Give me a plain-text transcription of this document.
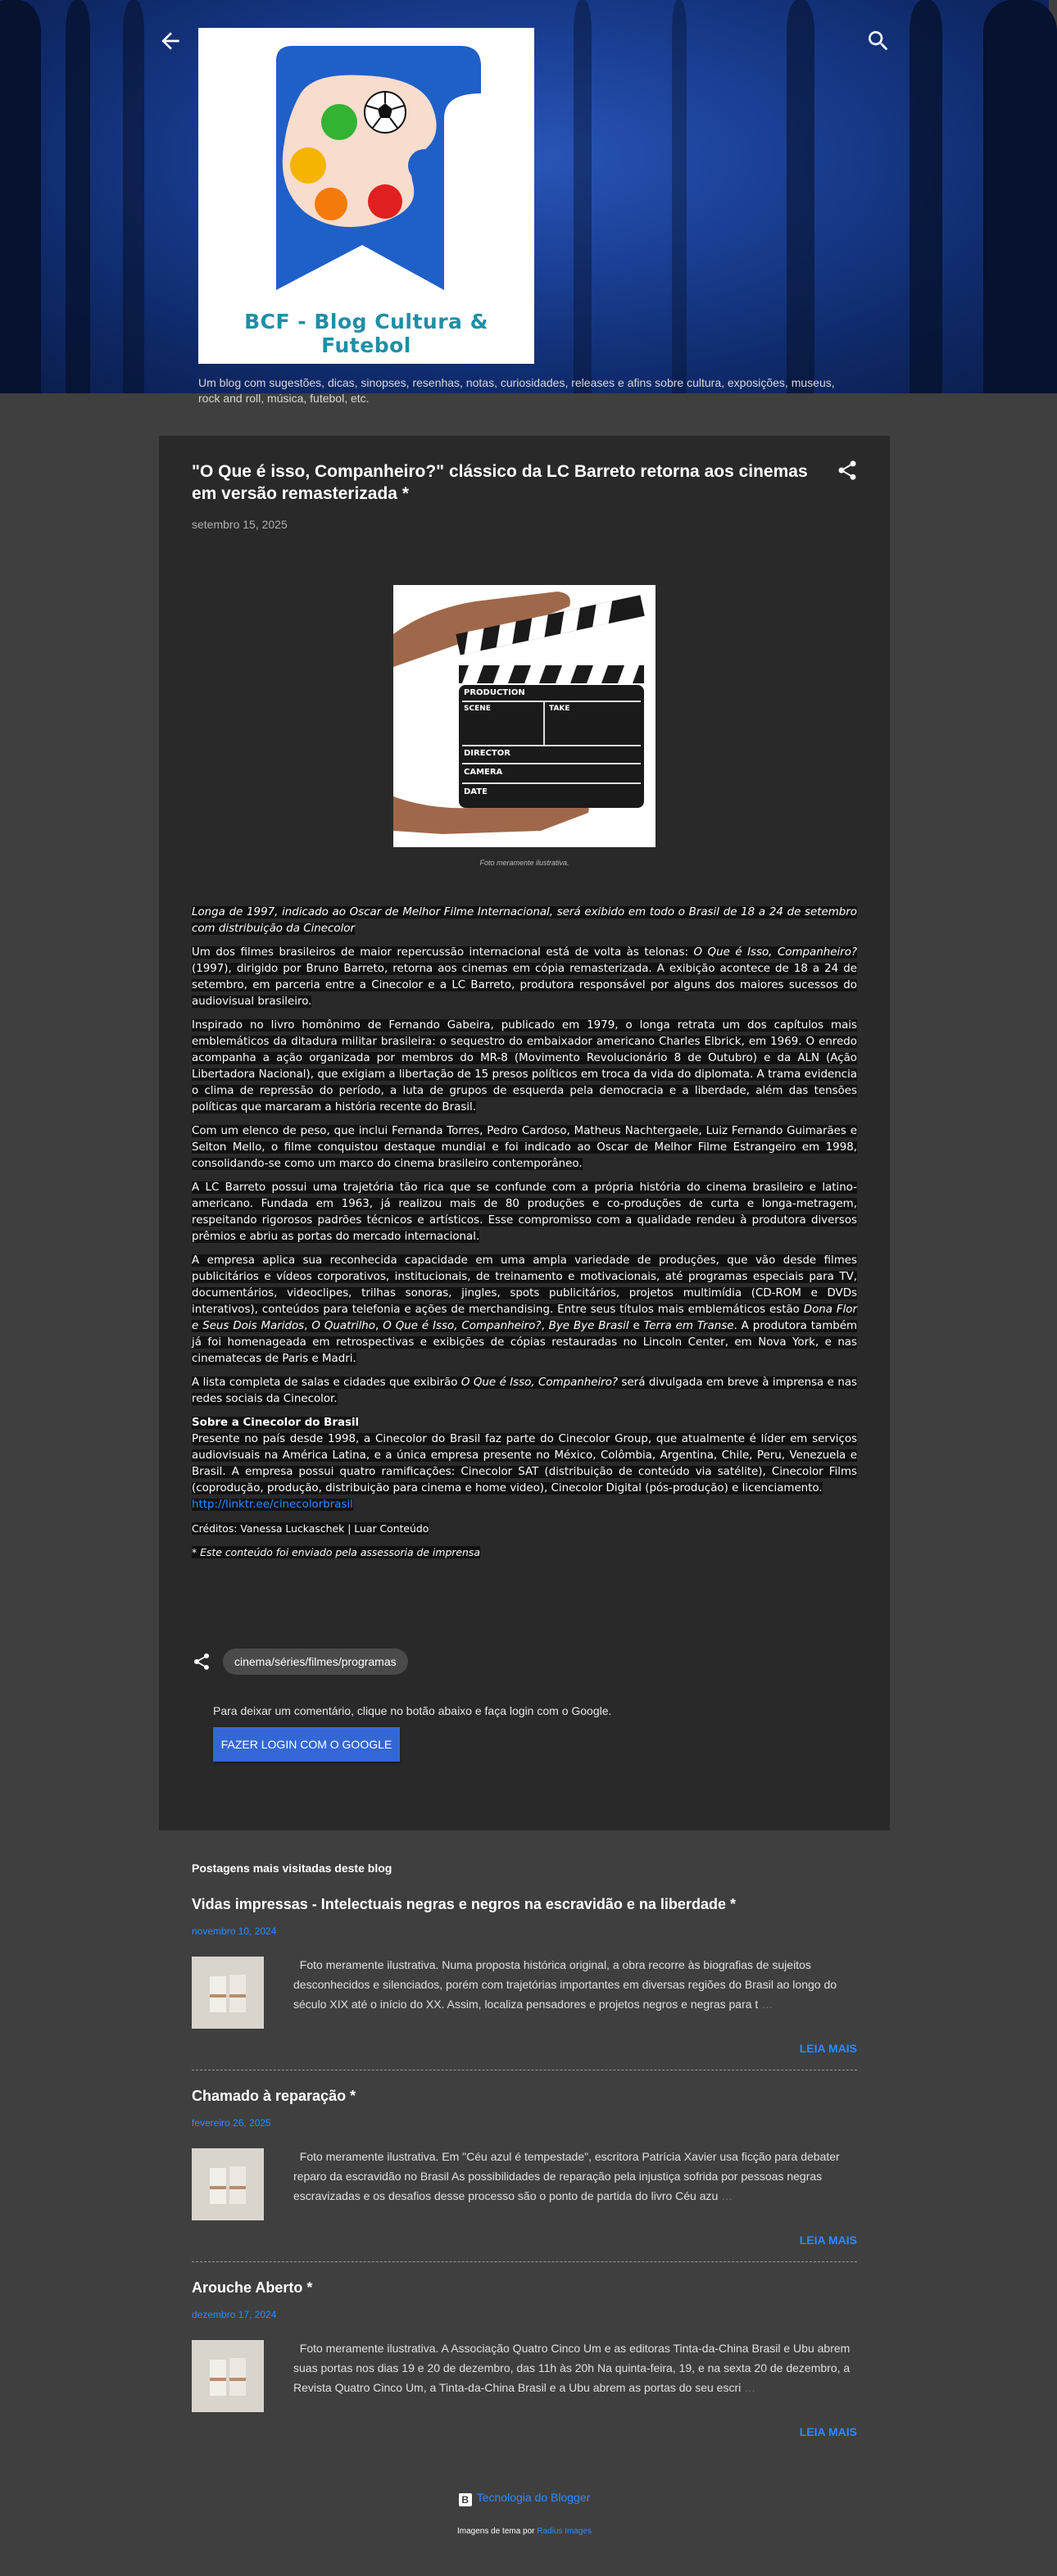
BCF - Blog Cultura & Futebol
Um blog com sugestões, dicas, sinopses, resenhas, notas, curiosidades, releases e afins sobre cultura, exposições, museus, rock and roll, música, futebol, etc.
"O Que é isso, Companheiro?" clássico da LC Barreto retorna aos cinemas em versão remasterizada *
setembro 15, 2025
PRODUCTION
SCENE	TAKE
DIRECTOR
CAMERA
DATE
Foto meramente ilustrativa.

Longa de 1997, indicado ao Oscar de Melhor Filme Internacional, será exibido em todo o Brasil de 18 a 24 de setembro com distribuição da Cinecolor

Um dos filmes brasileiros de maior repercussão internacional está de volta às telonas: O Que é Isso, Companheiro? (1997), dirigido por Bruno Barreto, retorna aos cinemas em cópia remasterizada. A exibição acontece de 18 a 24 de setembro, em parceria entre a Cinecolor e a LC Barreto, produtora responsável por alguns dos maiores sucessos do audiovisual brasileiro.

Inspirado no livro homônimo de Fernando Gabeira, publicado em 1979, o longa retrata um dos capítulos mais emblemáticos da ditadura militar brasileira: o sequestro do embaixador americano Charles Elbrick, em 1969. O enredo acompanha a ação organizada por membros do MR-8 (Movimento Revolucionário 8 de Outubro) e da ALN (Ação Libertadora Nacional), que exigiam a libertação de 15 presos políticos em troca da vida do diplomata. A trama evidencia o clima de repressão do período, a luta de grupos de esquerda pela democracia e a liberdade, além das tensões políticas que marcaram a história recente do Brasil.

Com um elenco de peso, que inclui Fernanda Torres, Pedro Cardoso, Matheus Nachtergaele, Luiz Fernando Guimarães e Selton Mello, o filme conquistou destaque mundial e foi indicado ao Oscar de Melhor Filme Estrangeiro em 1998, consolidando-se como um marco do cinema brasileiro contemporâneo.

A LC Barreto possui uma trajetória tão rica que se confunde com a própria história do cinema brasileiro e latino-americano. Fundada em 1963, já realizou mais de 80 produções e co-produções de curta e longa-metragem, respeitando rigorosos padrões técnicos e artísticos. Esse compromisso com a qualidade rendeu à produtora diversos prêmios e abriu as portas do mercado internacional.

A empresa aplica sua reconhecida capacidade em uma ampla variedade de produções, que vão desde filmes publicitários e vídeos corporativos, institucionais, de treinamento e motivacionais, até programas especiais para TV, documentários, videoclipes, trilhas sonoras, jingles, spots publicitários, projetos multimídia (CD-ROM e DVDs interativos), conteúdos para telefonia e ações de merchandising. Entre seus títulos mais emblemáticos estão Dona Flor e Seus Dois Maridos, O Quatrilho, O Que é Isso, Companheiro?, Bye Bye Brasil e Terra em Transe. A produtora também já foi homenageada em retrospectivas e exibições de cópias restauradas no Lincoln Center, em Nova York, e nas cinematecas de Paris e Madri.

A lista completa de salas e cidades que exibirão O Que é Isso, Companheiro? será divulgada em breve à imprensa e nas redes sociais da Cinecolor.

Sobre a Cinecolor do Brasil

Presente no país desde 1998, a Cinecolor do Brasil faz parte do Cinecolor Group, que atualmente é líder em serviços audiovisuais na América Latina, e a única empresa presente no México, Colômbia, Argentina, Chile, Peru, Venezuela e Brasil. A empresa possui quatro ramificações: Cinecolor SAT (distribuição de conteúdo via satélite), Cinecolor Films (coprodução, produção, distribuição para cinema e home video), Cinecolor Digital (pós-produção) e licenciamento.

http://linktr.ee/cinecolorbrasil

Créditos: Vanessa Luckaschek | Luar Conteúdo

* Este conteúdo foi enviado pela assessoria de imprensa

cinema/séries/filmes/programas
Para deixar um comentário, clique no botão abaixo e faça login com o Google.
FAZER LOGIN COM O GOOGLE
Postagens mais visitadas deste blog
Vidas impressas - Intelectuais negras e negros na escravidão e na liberdade *
novembro 10, 2024
Foto meramente ilustrativa. Numa proposta histórica original, a obra recorre às biografias de sujeitos desconhecidos e silenciados, porém com trajetórias importantes em diversas regiões do Brasil ao longo do século XIX até o início do XX. Assim, localiza pensadores e projetos negros e negras para t …
LEIA MAIS
Chamado à reparação *
fevereiro 26, 2025
Foto meramente ilustrativa. Em "Céu azul é tempestade", escritora Patrícia Xavier usa ficção para debater reparo da escravidão no Brasil As possibilidades de reparação pela injustiça sofrida por pessoas negras escravizadas e os desafios desse processo são o ponto de partida do livro Céu azu …
LEIA MAIS
Arouche Aberto *
dezembro 17, 2024
Foto meramente ilustrativa. A Associação Quatro Cinco Um e as editoras Tinta-da-China Brasil e Ubu abrem suas portas nos dias 19 e 20 de dezembro, das 11h às 20h Na quinta-feira, 19, e na sexta 20 de dezembro, a Revista Quatro Cinco Um, a Tinta-da-China Brasil e a Ubu abrem as portas do seu escri …
LEIA MAIS
B Tecnologia do Blogger
Imagens de tema por Radius Images
